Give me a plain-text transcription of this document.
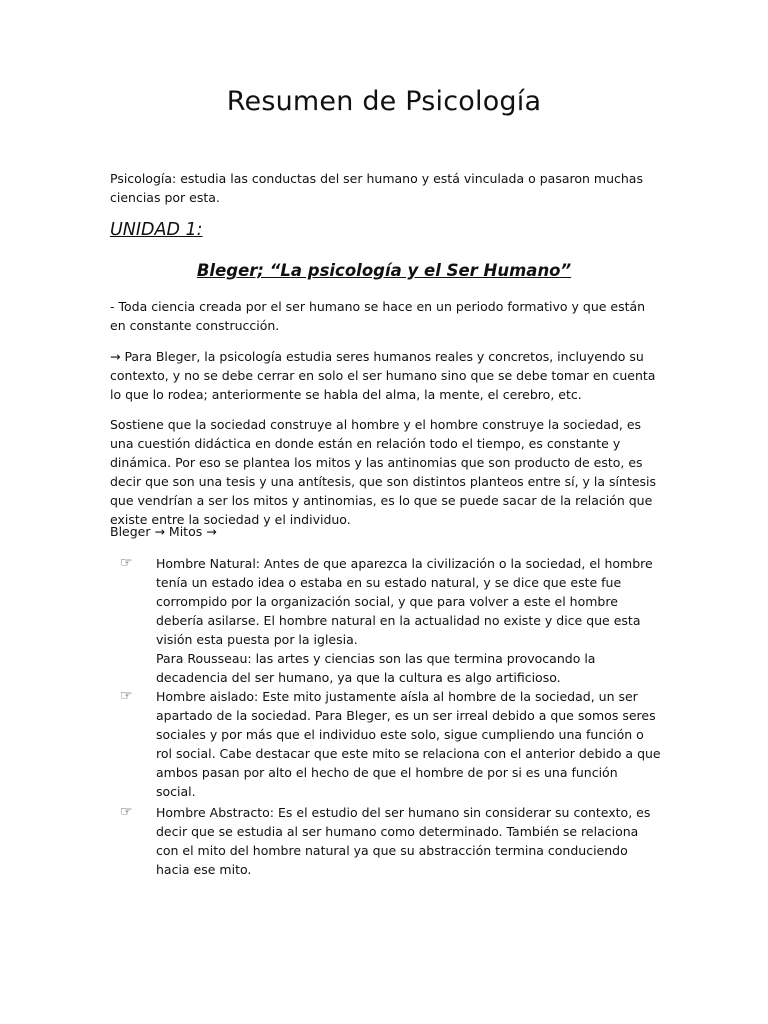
Resumen de Psicología
Psicología: estudia las conductas del ser humano y está vinculada o pasaron muchas ciencias por esta.
UNIDAD 1:
Bleger; “La psicología y el Ser Humano”
- Toda ciencia creada por el ser humano se hace en un periodo formativo y que están en constante construcción.
→ Para Bleger, la psicología estudia seres humanos reales y concretos, incluyendo su contexto, y no se debe cerrar en solo el ser humano sino que se debe tomar en cuenta lo que lo rodea; anteriormente se habla del alma, la mente, el cerebro, etc.
Sostiene que la sociedad construye al hombre y el hombre construye la sociedad, es una cuestión didáctica en donde están en relación todo el tiempo, es constante y dinámica. Por eso se plantea los mitos y las antinomias que son producto de esto, es decir que son una tesis y una antítesis, que son distintos planteos entre sí, y la síntesis que vendrían a ser los mitos y antinomias, es lo que se puede sacar de la relación que existe entre la sociedad y el individuo.
Bleger → Mitos →
☞ Hombre Natural: Antes de que aparezca la civilización o la sociedad, el hombre tenía un estado idea o estaba en su estado natural, y se dice que este fue corrompido por la organización social, y que para volver a este el hombre debería asilarse. El hombre natural en la actualidad no existe y dice que esta visión esta puesta por la iglesia.
Para Rousseau: las artes y ciencias son las que termina provocando la decadencia del ser humano, ya que la cultura es algo artificioso.
☞ Hombre aislado: Este mito justamente aísla al hombre de la sociedad, un ser apartado de la sociedad. Para Bleger, es un ser irreal debido a que somos seres sociales y por más que el individuo este solo, sigue cumpliendo una función o rol social. Cabe destacar que este mito se relaciona con el anterior debido a que ambos pasan por alto el hecho de que el hombre de por si es una función social.
☞ Hombre Abstracto: Es el estudio del ser humano sin considerar su contexto, es decir que se estudia al ser humano como determinado. También se relaciona con el mito del hombre natural ya que su abstracción termina conduciendo hacia ese mito.
